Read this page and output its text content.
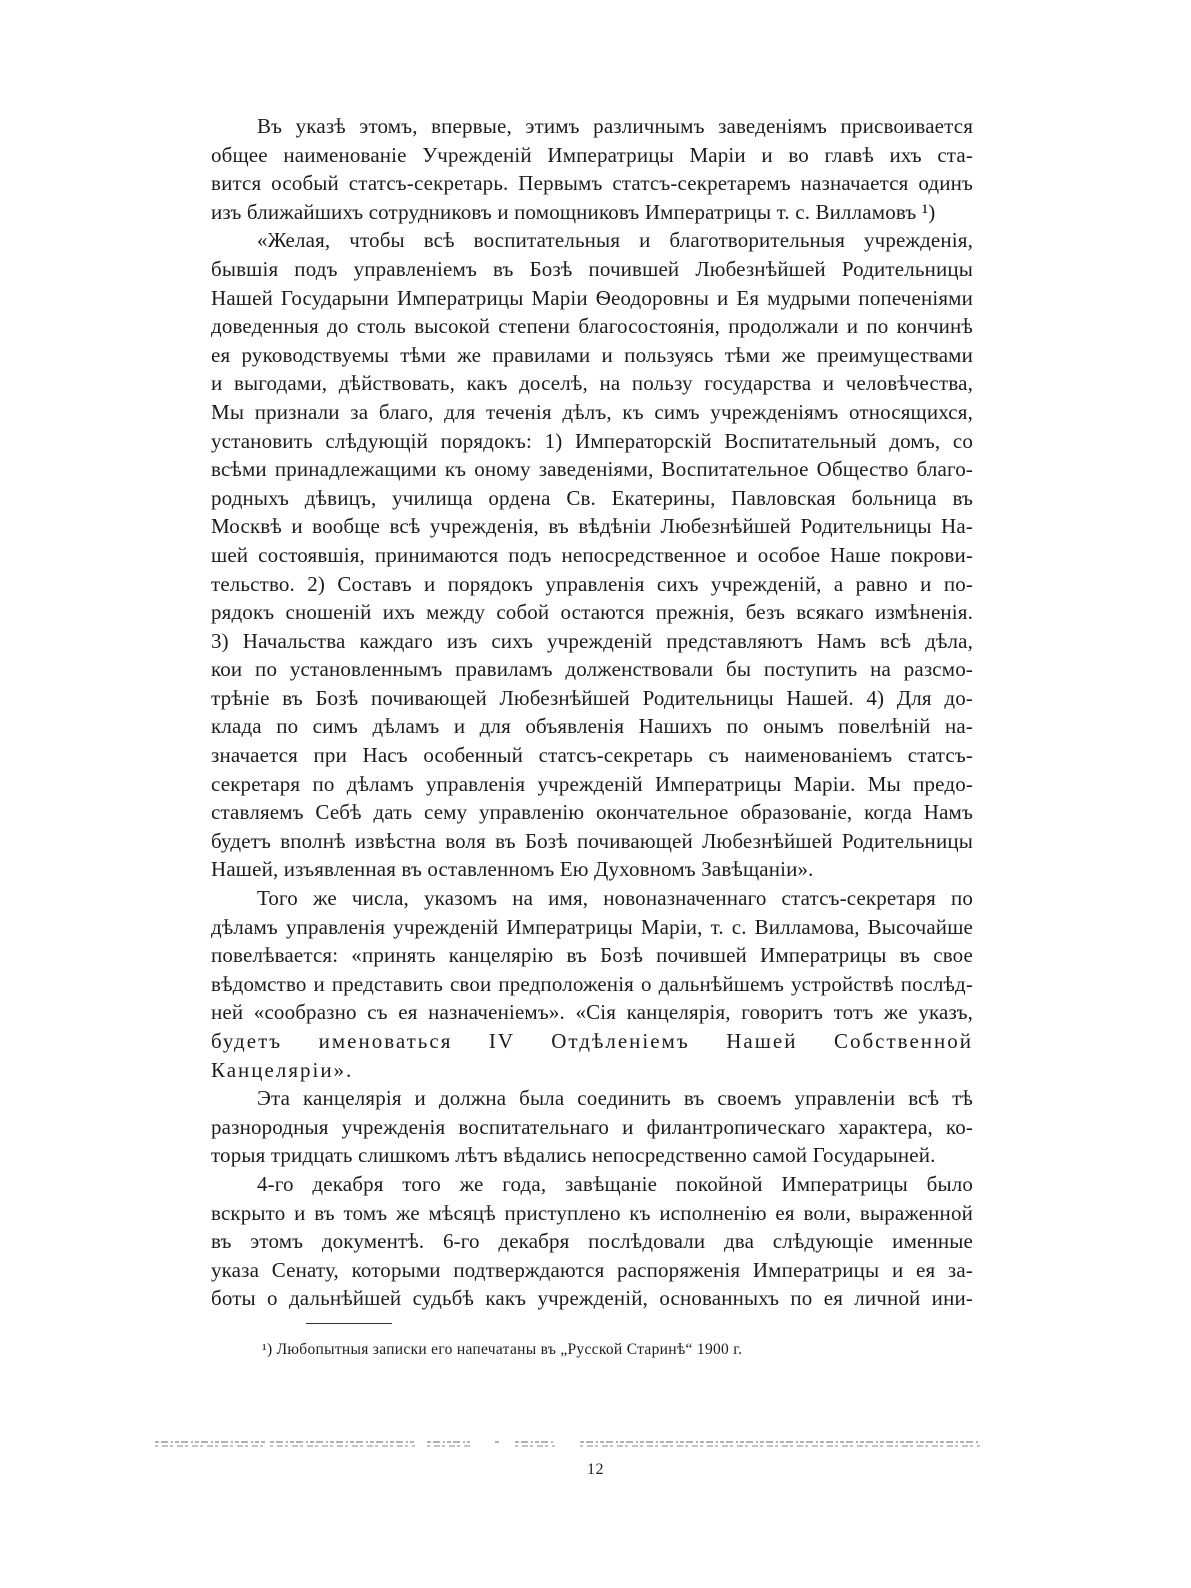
Въ указѣ этомъ, впервые, этимъ различнымъ заведеніямъ присвоивается
общее наименованіе Учрежденій Императрицы Маріи и во главѣ ихъ ста-
вится особый статсъ-секретарь. Первымъ статсъ-секретаремъ назначается одинъ
изъ ближайшихъ сотрудниковъ и помощниковъ Императрицы т. с. Вилламовъ ¹)

«Желая, чтобы всѣ воспитательныя и благотворительныя учрежденія,
бывшія подъ управленіемъ въ Бозѣ почившей Любезнѣйшей Родительницы
Нашей Государыни Императрицы Маріи Ѳеодоровны и Ея мудрыми попеченіями
доведенныя до столь высокой степени благосостоянія, продолжали и по кончинѣ
ея руководствуемы тѣми же правилами и пользуясь тѣми же преимуществами
и выгодами, дѣйствовать, какъ доселѣ, на пользу государства и человѣчества,
Мы признали за благо, для теченія дѣлъ, къ симъ учрежденіямъ относящихся,
установить слѣдующій порядокъ: 1) Императорскій Воспитательный домъ, со
всѣми принадлежащими къ оному заведеніями, Воспитательное Общество благо-
родныхъ дѣвицъ, училища ордена Св. Екатерины, Павловская больница въ
Москвѣ и вообще всѣ учрежденія, въ вѣдѣніи Любезнѣйшей Родительницы На-
шей состоявшія, принимаются подъ непосредственное и особое Наше покрови-
тельство. 2) Составъ и порядокъ управленія сихъ учрежденій, а равно и по-
рядокъ сношеній ихъ между собой остаются прежнія, безъ всякаго измѣненія.
3) Начальства каждаго изъ сихъ учрежденій представляютъ Намъ всѣ дѣла,
кои по установленнымъ правиламъ долженствовали бы поступить на разсмо-
трѣніе въ Бозѣ почивающей Любезнѣйшей Родительницы Нашей. 4) Для до-
клада по симъ дѣламъ и для объявленія Нашихъ по онымъ повелѣній на-
значается при Насъ особенный статсъ-секретарь съ наименованіемъ статсъ-
секретаря по дѣламъ управленія учрежденій Императрицы Маріи. Мы предо-
ставляемъ Себѣ дать сему управленію окончательное образованіе, когда Намъ
будетъ вполнѣ извѣстна воля въ Бозѣ почивающей Любезнѣйшей Родительницы
Нашей, изъявленная въ оставленномъ Ею Духовномъ Завѣщаніи».

Того же числа, указомъ на имя, новоназначеннаго статсъ-секретаря по
дѣламъ управленія учрежденій Императрицы Маріи, т. с. Вилламова, Высочайше
повелѣвается: «принять канцелярію въ Бозѣ почившей Императрицы въ свое
вѣдомство и представить свои предположенія о дальнѣйшемъ устройствѣ послѣд-
ней «сообразно съ ея назначеніемъ». «Сія канцелярія, говоритъ тотъ же указъ,
будетъ именоваться IV Отдѣленіемъ Нашей Собственной Канцеляріи».

Эта канцелярія и должна была соединить въ своемъ управленіи всѣ тѣ
разнородныя учрежденія воспитательнаго и филантропическаго характера, ко-
торыя тридцать слишкомъ лѣтъ вѣдались непосредственно самой Государыней.

4-го декабря того же года, завѣщаніе покойной Императрицы было
вскрыто и въ томъ же мѣсяцѣ приступлено къ исполненію ея воли, выраженной
въ этомъ документѣ. 6-го декабря послѣдовали два слѣдующіе именные
указа Сенату, которыми подтверждаются распоряженія Императрицы и ея за-
боты о дальнѣйшей судьбѣ какъ учрежденій, основанныхъ по ея личной ини-

¹) Любопытныя записки его напечатаны въ „Русской Старинѣ“ 1900 г.
12
